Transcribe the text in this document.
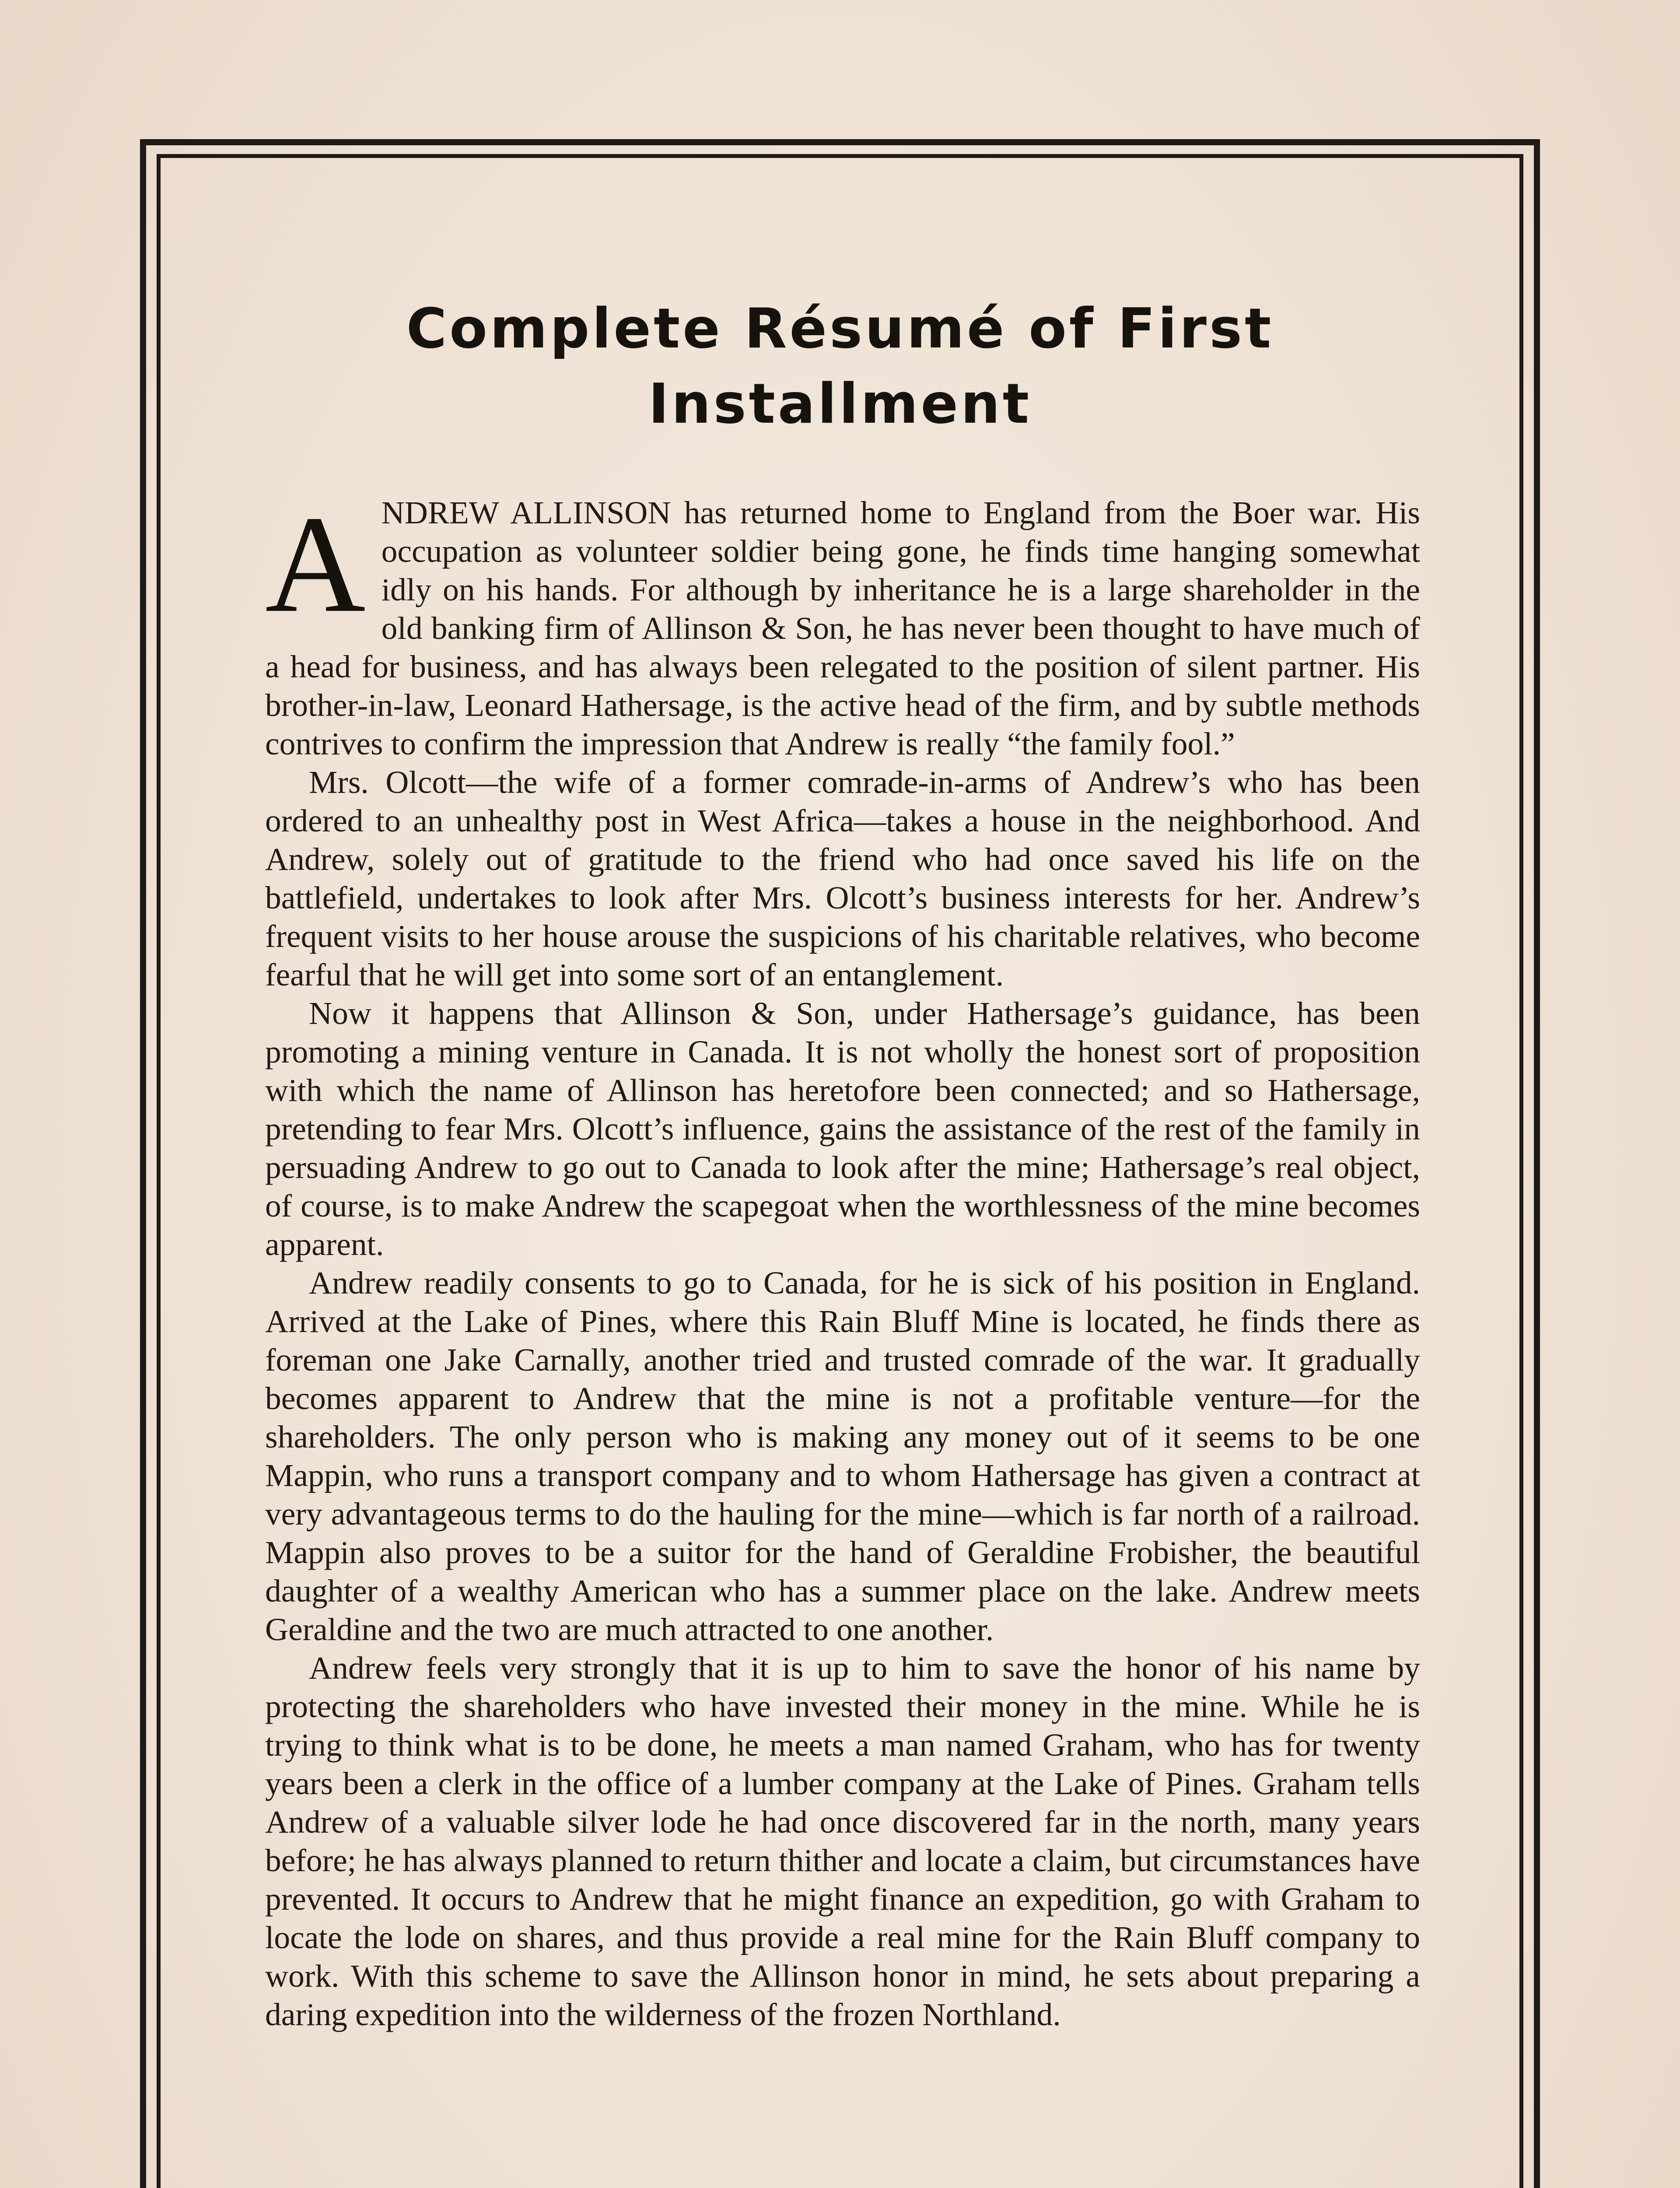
Complete Résumé of First Installment

ANDREW ALLINSON has returned home to England from the Boer war. His occupation as volunteer soldier being gone, he finds time hanging somewhat idly on his hands. For although by inheritance he is a large shareholder in the old banking firm of Allinson & Son, he has never been thought to have much of a head for business, and has always been relegated to the position of silent partner. His brother-in-law, Leonard Hathersage, is the active head of the firm, and by subtle methods contrives to confirm the impression that Andrew is really “the family fool.”

Mrs. Olcott—the wife of a former comrade-in-arms of Andrew’s who has been ordered to an unhealthy post in West Africa—takes a house in the neighborhood. And Andrew, solely out of gratitude to the friend who had once saved his life on the battlefield, undertakes to look after Mrs. Olcott’s business interests for her. Andrew’s frequent visits to her house arouse the suspicions of his charitable relatives, who become fearful that he will get into some sort of an entanglement.

Now it happens that Allinson & Son, under Hathersage’s guidance, has been promoting a mining venture in Canada. It is not wholly the honest sort of proposition with which the name of Allinson has heretofore been connected; and so Hathersage, pretending to fear Mrs. Olcott’s influence, gains the assistance of the rest of the family in persuading Andrew to go out to Canada to look after the mine; Hathersage’s real object, of course, is to make Andrew the scapegoat when the worthlessness of the mine becomes apparent.

Andrew readily consents to go to Canada, for he is sick of his position in England. Arrived at the Lake of Pines, where this Rain Bluff Mine is located, he finds there as foreman one Jake Carnally, another tried and trusted comrade of the war. It gradually becomes apparent to Andrew that the mine is not a profitable venture—for the shareholders. The only person who is making any money out of it seems to be one Mappin, who runs a transport company and to whom Hathersage has given a contract at very advantageous terms to do the hauling for the mine—which is far north of a railroad. Mappin also proves to be a suitor for the hand of Geraldine Frobisher, the beautiful daughter of a wealthy American who has a summer place on the lake. Andrew meets Geraldine and the two are much attracted to one another.

Andrew feels very strongly that it is up to him to save the honor of his name by protecting the shareholders who have invested their money in the mine. While he is trying to think what is to be done, he meets a man named Graham, who has for twenty years been a clerk in the office of a lumber company at the Lake of Pines. Graham tells Andrew of a valuable silver lode he had once discovered far in the north, many years before; he has always planned to return thither and locate a claim, but circumstances have prevented. It occurs to Andrew that he might finance an expedition, go with Graham to locate the lode on shares, and thus provide a real mine for the Rain Bluff company to work. With this scheme to save the Allinson honor in mind, he sets about preparing a daring expedition into the wilderness of the frozen Northland.
